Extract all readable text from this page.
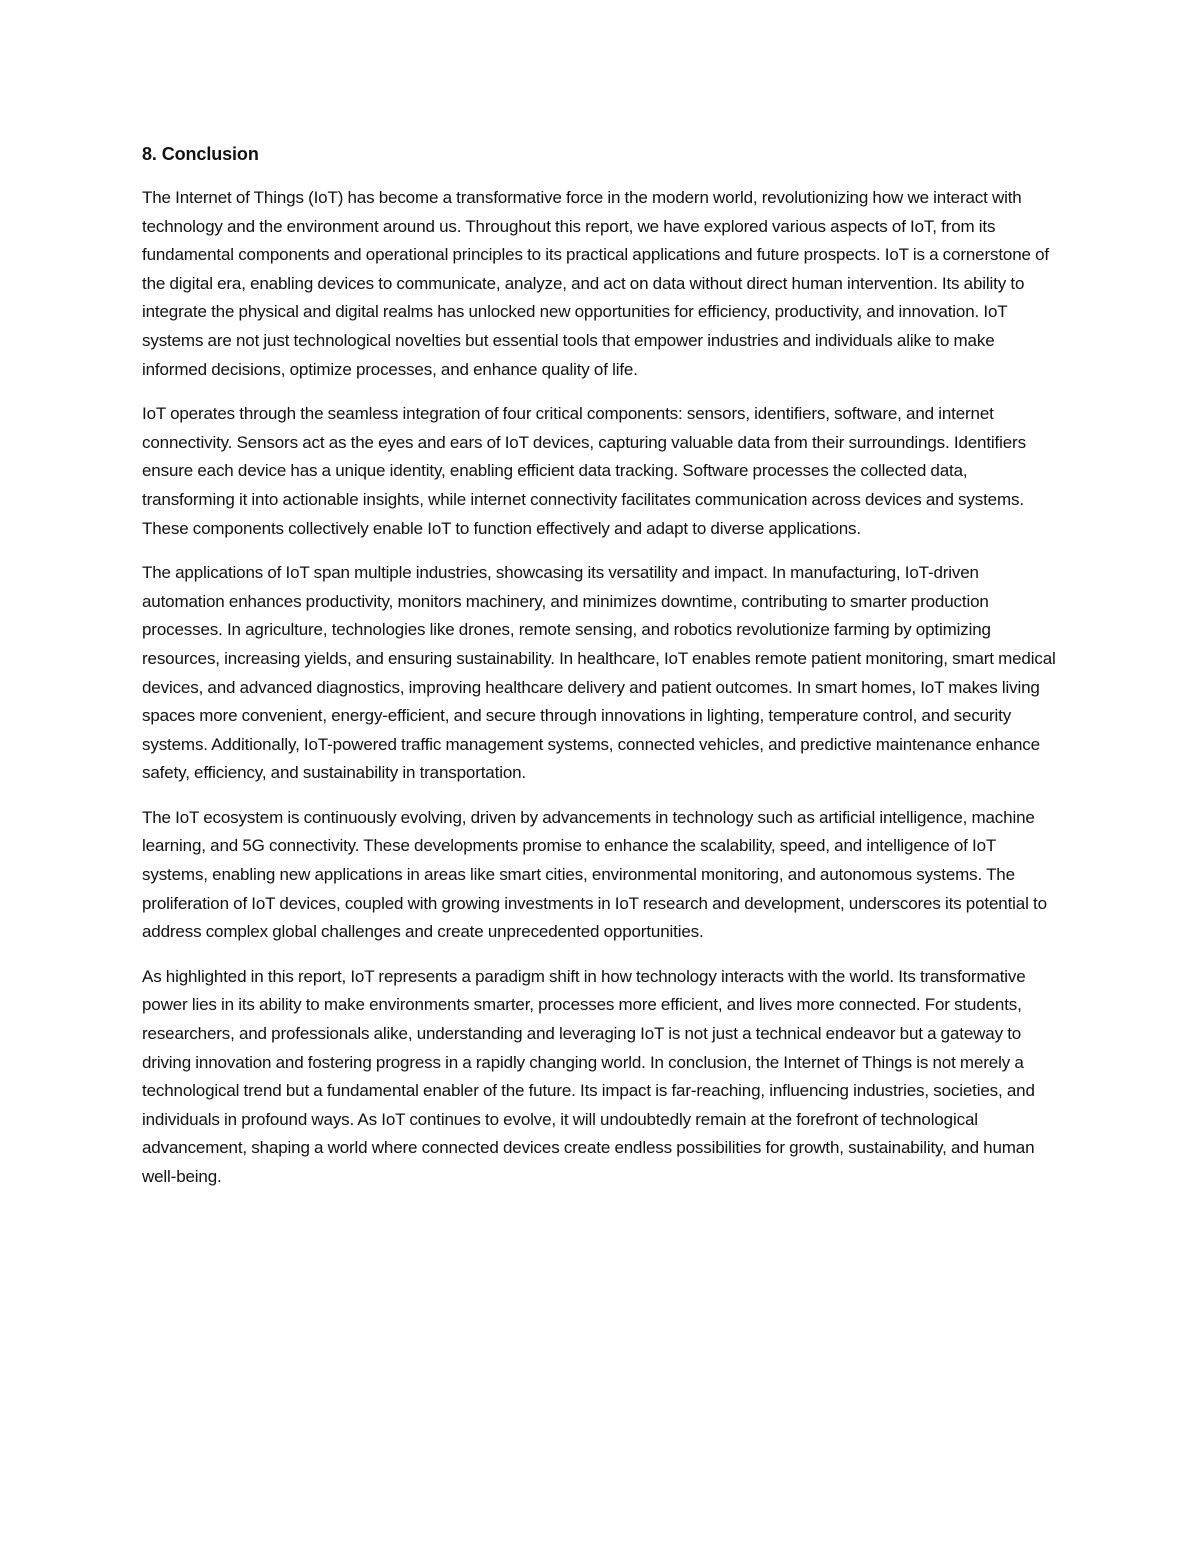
8. Conclusion

The Internet of Things (IoT) has become a transformative force in the modern world, revolutionizing how we interact with technology and the environment around us. Throughout this report, we have explored various aspects of IoT, from its fundamental components and operational principles to its practical applications and future prospects. IoT is a cornerstone of the digital era, enabling devices to communicate, analyze, and act on data without direct human intervention. Its ability to integrate the physical and digital realms has unlocked new opportunities for efficiency, productivity, and innovation. IoT systems are not just technological novelties but essential tools that empower industries and individuals alike to make informed decisions, optimize processes, and enhance quality of life.

IoT operates through the seamless integration of four critical components: sensors, identifiers, software, and internet connectivity. Sensors act as the eyes and ears of IoT devices, capturing valuable data from their surroundings. Identifiers ensure each device has a unique identity, enabling efficient data tracking. Software processes the collected data, transforming it into actionable insights, while internet connectivity facilitates communication across devices and systems. These components collectively enable IoT to function effectively and adapt to diverse applications.

The applications of IoT span multiple industries, showcasing its versatility and impact. In manufacturing, IoT-driven automation enhances productivity, monitors machinery, and minimizes downtime, contributing to smarter production processes. In agriculture, technologies like drones, remote sensing, and robotics revolutionize farming by optimizing resources, increasing yields, and ensuring sustainability. In healthcare, IoT enables remote patient monitoring, smart medical devices, and advanced diagnostics, improving healthcare delivery and patient outcomes. In smart homes, IoT makes living spaces more convenient, energy-efficient, and secure through innovations in lighting, temperature control, and security systems. Additionally, IoT-powered traffic management systems, connected vehicles, and predictive maintenance enhance safety, efficiency, and sustainability in transportation.

The IoT ecosystem is continuously evolving, driven by advancements in technology such as artificial intelligence, machine learning, and 5G connectivity. These developments promise to enhance the scalability, speed, and intelligence of IoT systems, enabling new applications in areas like smart cities, environmental monitoring, and autonomous systems. The proliferation of IoT devices, coupled with growing investments in IoT research and development, underscores its potential to address complex global challenges and create unprecedented opportunities.

As highlighted in this report, IoT represents a paradigm shift in how technology interacts with the world. Its transformative power lies in its ability to make environments smarter, processes more efficient, and lives more connected. For students, researchers, and professionals alike, understanding and leveraging IoT is not just a technical endeavor but a gateway to driving innovation and fostering progress in a rapidly changing world. In conclusion, the Internet of Things is not merely a technological trend but a fundamental enabler of the future. Its impact is far-reaching, influencing industries, societies, and individuals in profound ways. As IoT continues to evolve, it will undoubtedly remain at the forefront of technological advancement, shaping a world where connected devices create endless possibilities for growth, sustainability, and human well-being.
